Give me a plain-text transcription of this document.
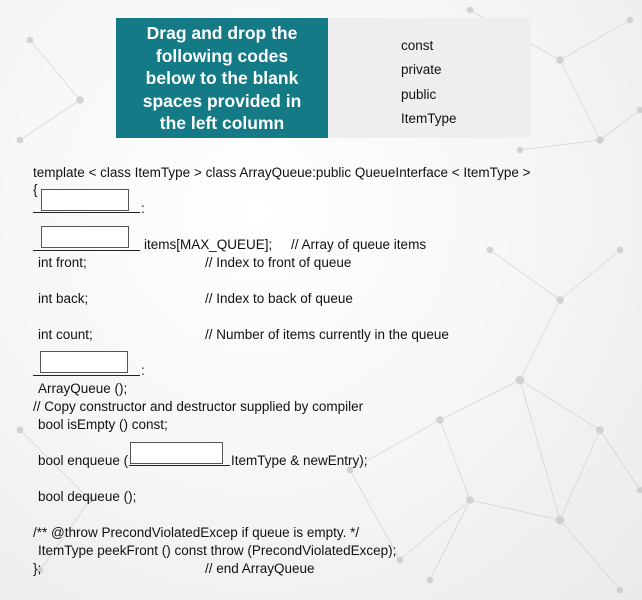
Drag and drop the
following codes
below to the blank
spaces provided in
the left column
const
private
public
ItemType
template < class ItemType > class ArrayQueue:public QueueInterface < ItemType >
{
:
items[MAX_QUEUE]; // Array of queue items
int front;	// Index to front of queue
int back;	// Index to back of queue
int count;	// Number of items currently in the queue
:
ArrayQueue ();
// Copy constructor and destructor supplied by compiler
bool isEmpty () const;
bool enqueue (	ItemType & newEntry);
bool dequeue ();
/** @throw PrecondViolatedExcep if queue is empty. */
ItemType peekFront () const throw (PrecondViolatedExcep);
};	// end ArrayQueue
